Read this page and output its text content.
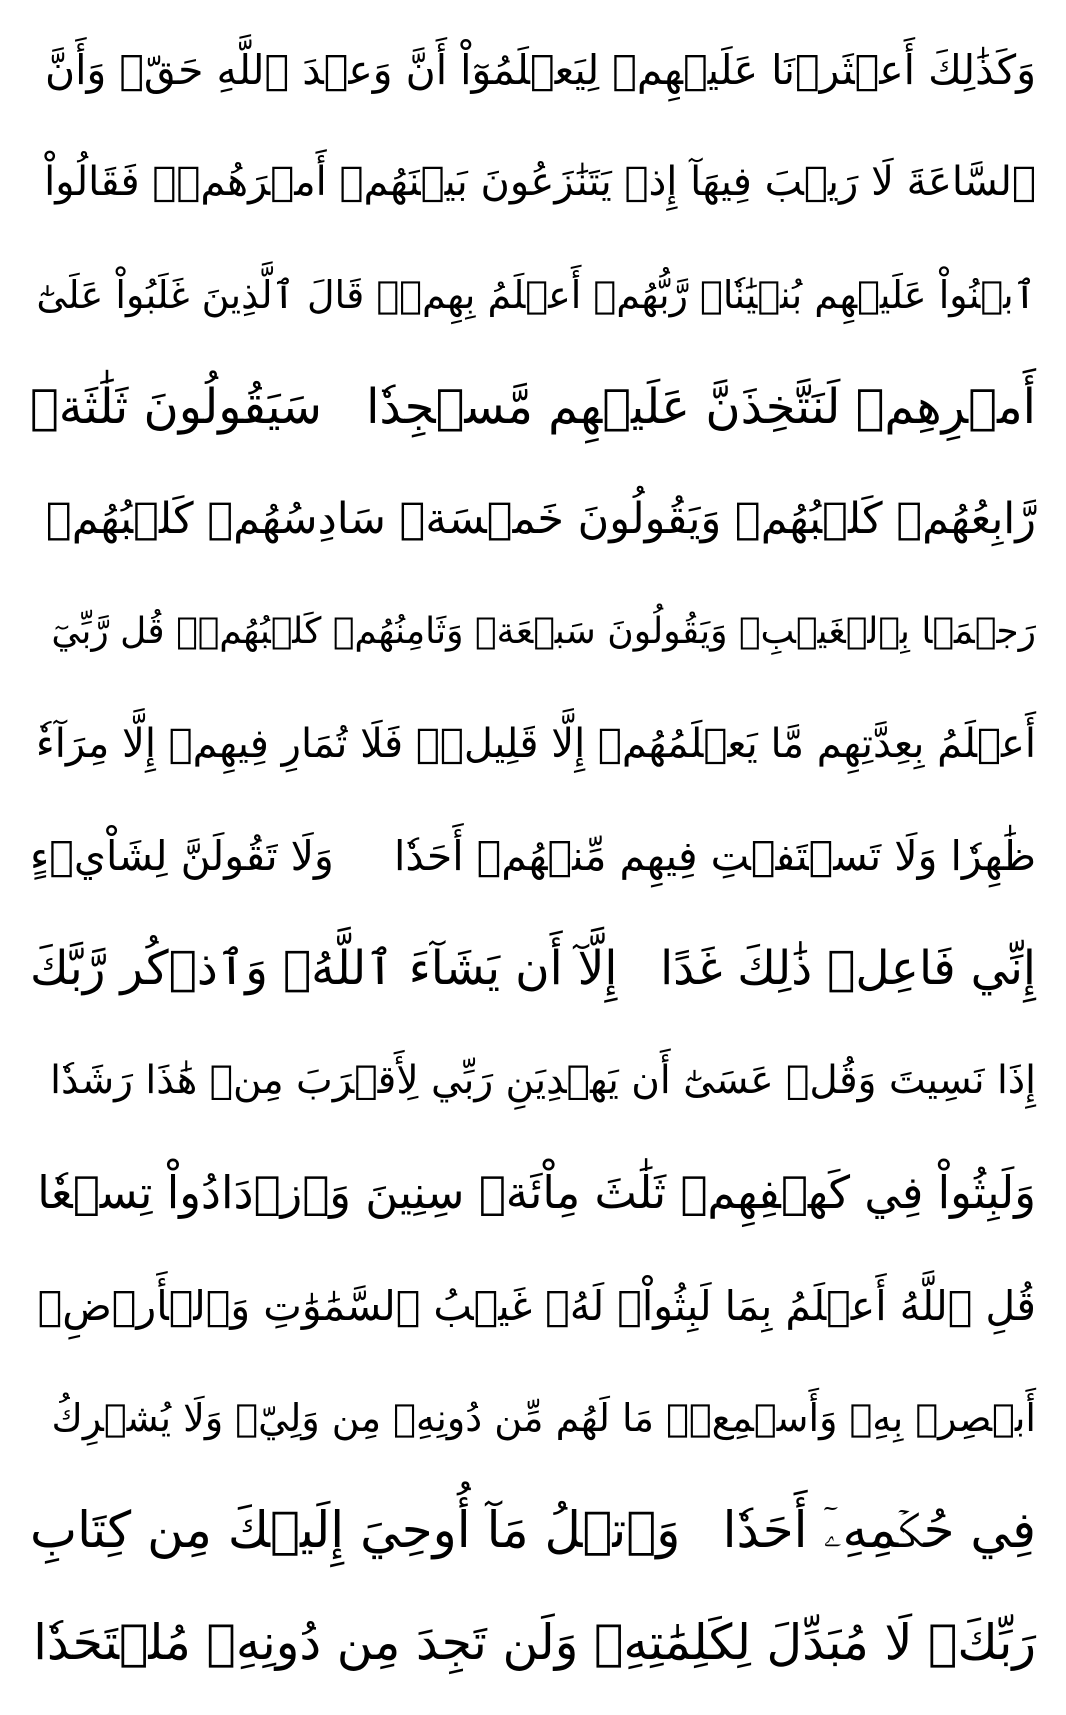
وَكَذَٰلِكَ أَعۡثَرۡنَا عَلَيۡهِمۡ لِيَعۡلَمُوٓاْ أَنَّ وَعۡدَ ٱللَّهِ حَقّٞ وَأَنَّ
ٱلسَّاعَةَ لَا رَيۡبَ فِيهَآ إِذۡ يَتَنَٰزَعُونَ بَيۡنَهُمۡ أَمۡرَهُمۡۖ فَقَالُواْ
ٱبۡنُواْ عَلَيۡهِم بُنۡيَٰنٗاۖ رَّبُّهُمۡ أَعۡلَمُ بِهِمۡۚ قَالَ ٱلَّذِينَ غَلَبُواْ عَلَىٰٓ
أَمۡرِهِمۡ لَنَتَّخِذَنَّ عَلَيۡهِم مَّسۡجِدٗا
سَيَقُولُونَ ثَلَٰثَةٞ
رَّابِعُهُمۡ كَلۡبُهُمۡ وَيَقُولُونَ خَمۡسَةٞ سَادِسُهُمۡ كَلۡبُهُمۡ
رَجۡمَۢا بِٱلۡغَيۡبِۖ وَيَقُولُونَ سَبۡعَةٞ وَثَامِنُهُمۡ كَلۡبُهُمۡۚ قُل رَّبِّيٓ
أَعۡلَمُ بِعِدَّتِهِم مَّا يَعۡلَمُهُمۡ إِلَّا قَلِيلٞۗ فَلَا تُمَارِ فِيهِمۡ إِلَّا مِرَآءٗ
ظَٰهِرٗا وَلَا تَسۡتَفۡتِ فِيهِم مِّنۡهُمۡ أَحَدٗا
وَلَا تَقُولَنَّ لِشَاْيۡءٍ
إِنِّي فَاعِلٞ ذَٰلِكَ غَدًا
إِلَّآ أَن يَشَآءَ ٱللَّهُۚ وَٱذۡكُر رَّبَّكَ
إِذَا نَسِيتَ وَقُلۡ عَسَىٰٓ أَن يَهۡدِيَنِ رَبِّي لِأَقۡرَبَ مِنۡ هَٰذَا رَشَدٗا
وَلَبِثُواْ فِي كَهۡفِهِمۡ ثَلَٰثَ مِاْئَةٖ سِنِينَ وَٱزۡدَادُواْ تِسۡعٗا
قُلِ ٱللَّهُ أَعۡلَمُ بِمَا لَبِثُواْۖ لَهُۥ غَيۡبُ ٱلسَّمَٰوَٰتِ وَٱلۡأَرۡضِۖ
أَبۡصِرۡ بِهِۦ وَأَسۡمِعۡۚ مَا لَهُم مِّن دُونِهِۦ مِن وَلِيّٖ وَلَا يُشۡرِكُ
فِي حُكۡمِهِۦٓ أَحَدٗا
وَٱتۡلُ مَآ أُوحِيَ إِلَيۡكَ مِن كِتَابِ
رَبِّكَۖ لَا مُبَدِّلَ لِكَلِمَٰتِهِۦ وَلَن تَجِدَ مِن دُونِهِۦ مُلۡتَحَدٗا
